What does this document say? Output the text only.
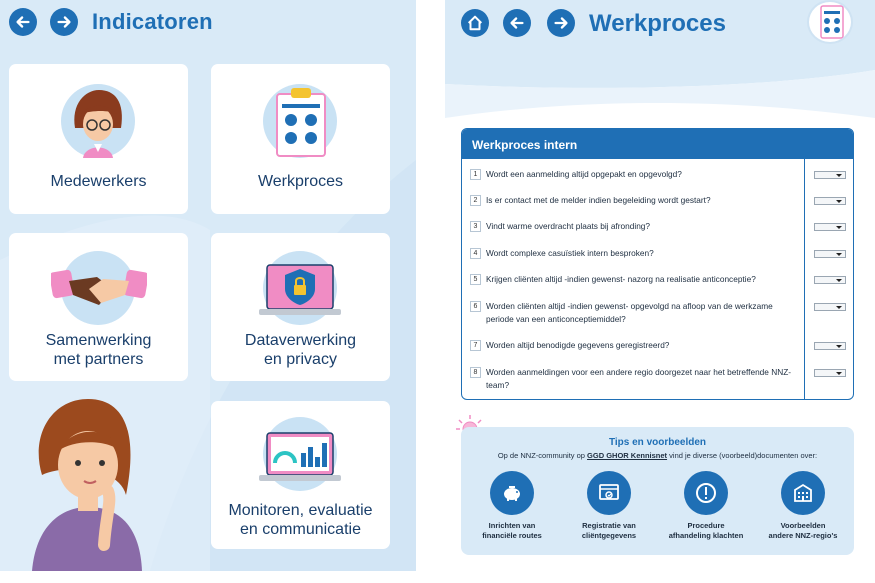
Indicatoren
Medewerkers	Werkproces
Samenwerking
met partners
Dataverwerking
en privacy
Monitoren, evaluatie
en communicatie
Werkproces
Werkproces intern
1	Wordt een aanmelding altijd opgepakt en opgevolgd?
2	Is er contact met de melder indien begeleiding wordt gestart?
3	Vindt warme overdracht plaats bij afronding?
4	Wordt complexe casuïstiek intern besproken?
5	Krijgen cliënten altijd -indien gewenst- nazorg na realisatie anticonceptie?
6	Worden cliënten altijd -indien gewenst- opgevolgd na afloop van de werkzame periode van een anticonceptiemiddel?
7	Worden altijd benodigde gegevens geregistreerd?
8	Worden aanmeldingen voor een andere regio doorgezet naar het betreffende NNZ-team?
Tips en voorbeelden
Op de NNZ-community op GGD GHOR Kennisnet vind je diverse (voorbeeld)documenten over:
Inrichten van
financiële routes
Registratie van
cliëntgegevens
Procedure
afhandeling klachten
Voorbeelden
andere NNZ-regio's
